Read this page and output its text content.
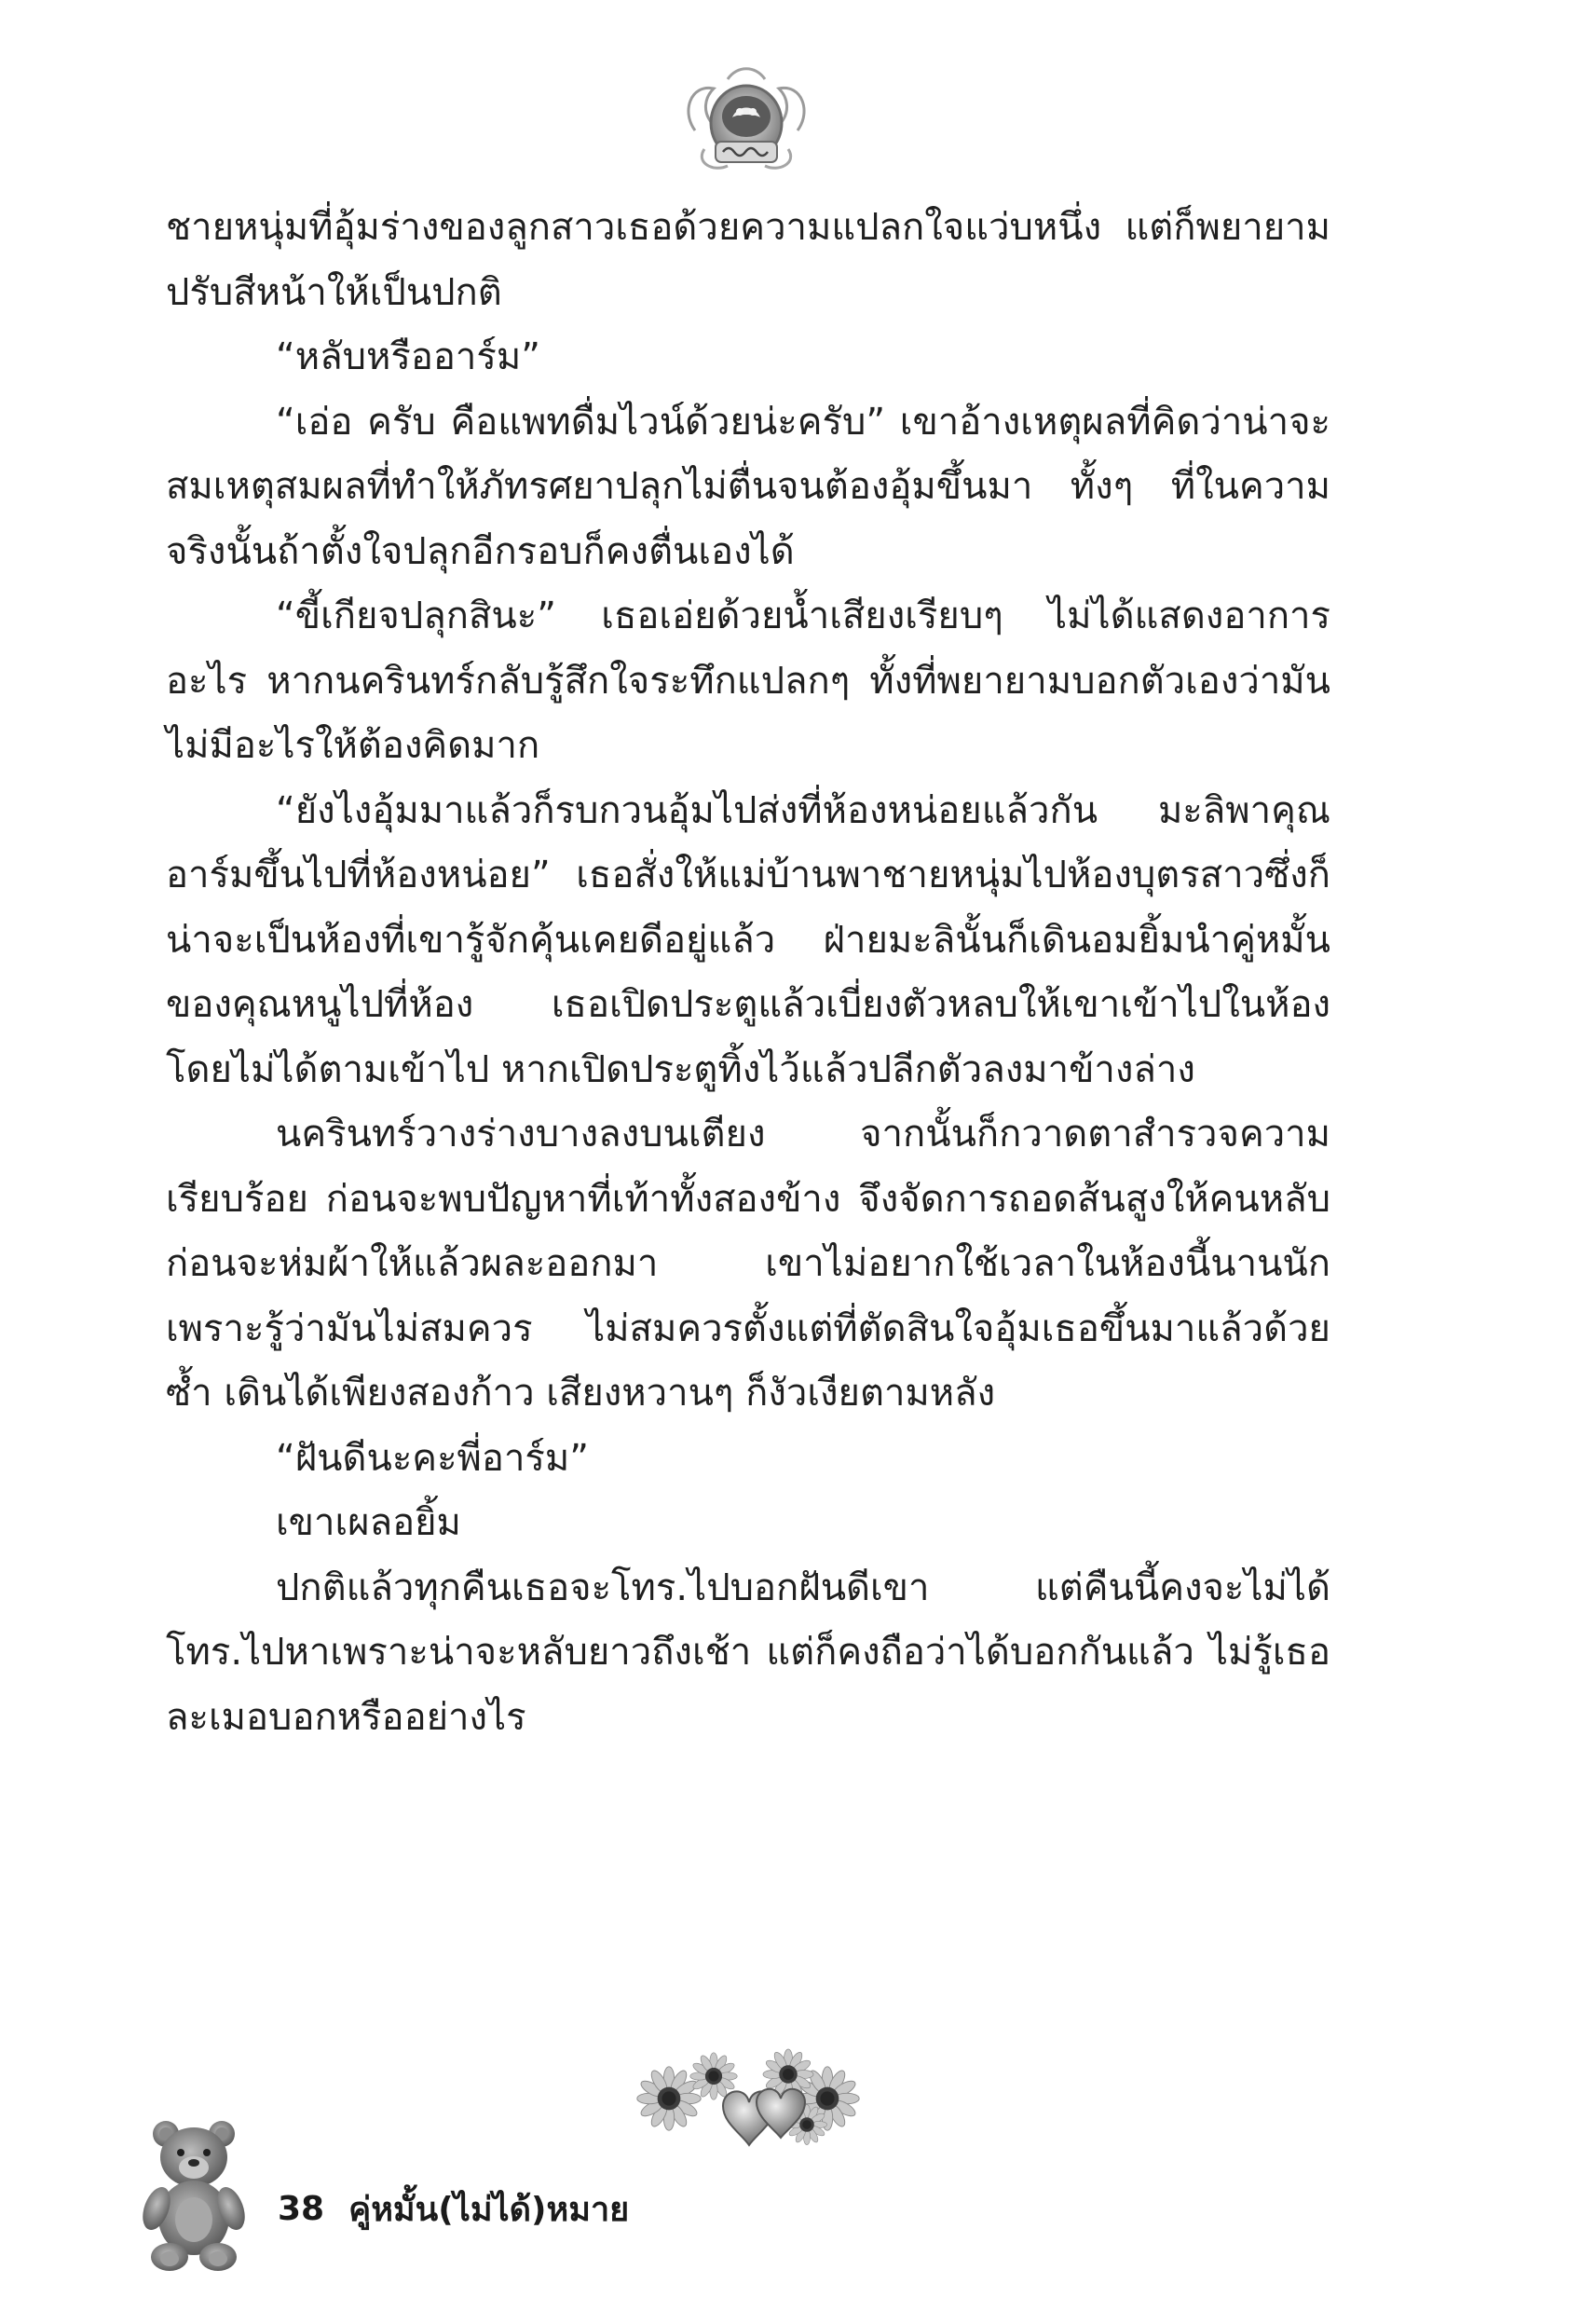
ชายหนุ่มที่อุ้มร่างของลูกสาวเธอด้วยความแปลกใจแว่บหนึ่ง แต่ก็พยายามปรับสีหน้าให้เป็นปกติ

“หลับหรืออาร์ม”

“เอ่อ ครับ คือแพทดื่มไวน์ด้วยน่ะครับ” เขาอ้างเหตุผลที่คิดว่าน่าจะสมเหตุสมผลที่ทำให้ภัทรศยาปลุกไม่ตื่นจนต้องอุ้มขึ้นมา ทั้งๆ ที่ในความจริงนั้นถ้าตั้งใจปลุกอีกรอบก็คงตื่นเองได้

“ขี้เกียจปลุกสินะ” เธอเอ่ยด้วยน้ำเสียงเรียบๆ ไม่ได้แสดงอาการอะไร หากนครินทร์กลับรู้สึกใจระทึกแปลกๆ ทั้งที่พยายามบอกตัวเองว่ามันไม่มีอะไรให้ต้องคิดมาก

“ยังไงอุ้มมาแล้วก็รบกวนอุ้มไปส่งที่ห้องหน่อยแล้วกัน มะลิพาคุณอาร์มขึ้นไปที่ห้องหน่อย” เธอสั่งให้แม่บ้านพาชายหนุ่มไปห้องบุตรสาวซึ่งก็น่าจะเป็นห้องที่เขารู้จักคุ้นเคยดีอยู่แล้ว ฝ่ายมะลินั้นก็เดินอมยิ้มนำคู่หมั้นของคุณหนูไปที่ห้อง เธอเปิดประตูแล้วเบี่ยงตัวหลบให้เขาเข้าไปในห้องโดยไม่ได้ตามเข้าไป หากเปิดประตูทิ้งไว้แล้วปลีกตัวลงมาข้างล่าง

นครินทร์วางร่างบางลงบนเตียง จากนั้นก็กวาดตาสำรวจความเรียบร้อย ก่อนจะพบปัญหาที่เท้าทั้งสองข้าง จึงจัดการถอดส้นสูงให้คนหลับ ก่อนจะห่มผ้าให้แล้วผละออกมา เขาไม่อยากใช้เวลาในห้องนี้นานนักเพราะรู้ว่ามันไม่สมควร ไม่สมควรตั้งแต่ที่ตัดสินใจอุ้มเธอขึ้นมาแล้วด้วยซ้ำ เดินได้เพียงสองก้าว เสียงหวานๆ ก็งัวเงียตามหลัง

“ฝันดีนะคะพี่อาร์ม”

เขาเผลอยิ้ม

ปกติแล้วทุกคืนเธอจะโทร.ไปบอกฝันดีเขา แต่คืนนี้คงจะไม่ได้โทร.ไปหาเพราะน่าจะหลับยาวถึงเช้า แต่ก็คงถือว่าได้บอกกันแล้ว ไม่รู้เธอละเมอบอกหรืออย่างไร

38 คู่หมั้น(ไม่ได้)หมาย
